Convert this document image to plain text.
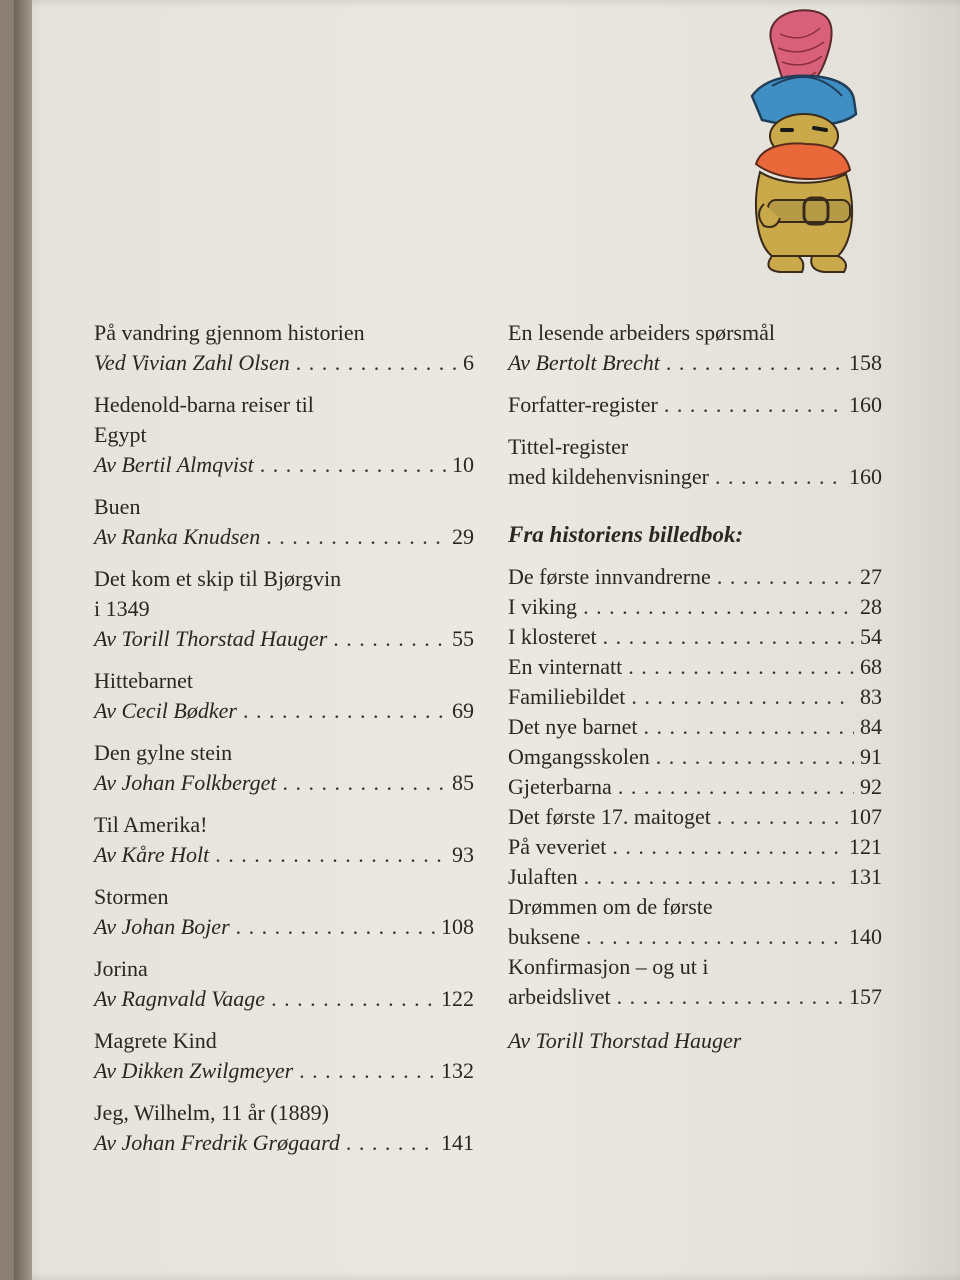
På vandring gjennom historien
Ved Vivian Zahl Olsen . . .	6
Hedenold-barna reiser til
Egypt
Av Bertil Almqvist . . .	10
Buen
Av Ranka Knudsen . . .	29
Det kom et skip til Bjørgvin
i 1349
Av Torill Thorstad Hauger . . .	55
Hittebarnet
Av Cecil Bødker . . .	69
Den gylne stein
Av Johan Folkberget . . .	85
Til Amerika!
Av Kåre Holt . . .	93
Stormen
Av Johan Bojer . . .	108
Jorina
Av Ragnvald Vaage . . .	122
Magrete Kind
Av Dikken Zwilgmeyer . . .	132
Jeg, Wilhelm, 11 år (1889)
Av Johan Fredrik Grøgaard . . .	141
En lesende arbeiders spørsmål
Av Bertolt Brecht . . .	158
Forfatter-register . . .	160
Tittel-register
med kildehenvisninger . . .	160
Fra historiens billedbok:
De første innvandrerne . . .	27
I viking . . .	28
I klosteret . . .	54
En vinternatt . . .	68
Familiebildet . . .	83
Det nye barnet . . .	84
Omgangsskolen . . .	91
Gjeterbarna . . .	92
Det første 17. maitoget . . .	107
På veveriet . . .	121
Julaften . . .	131
Drømmen om de første
buksene . . .	140
Konfirmasjon – og ut i
arbeidslivet . . .	157
Av Torill Thorstad Hauger
